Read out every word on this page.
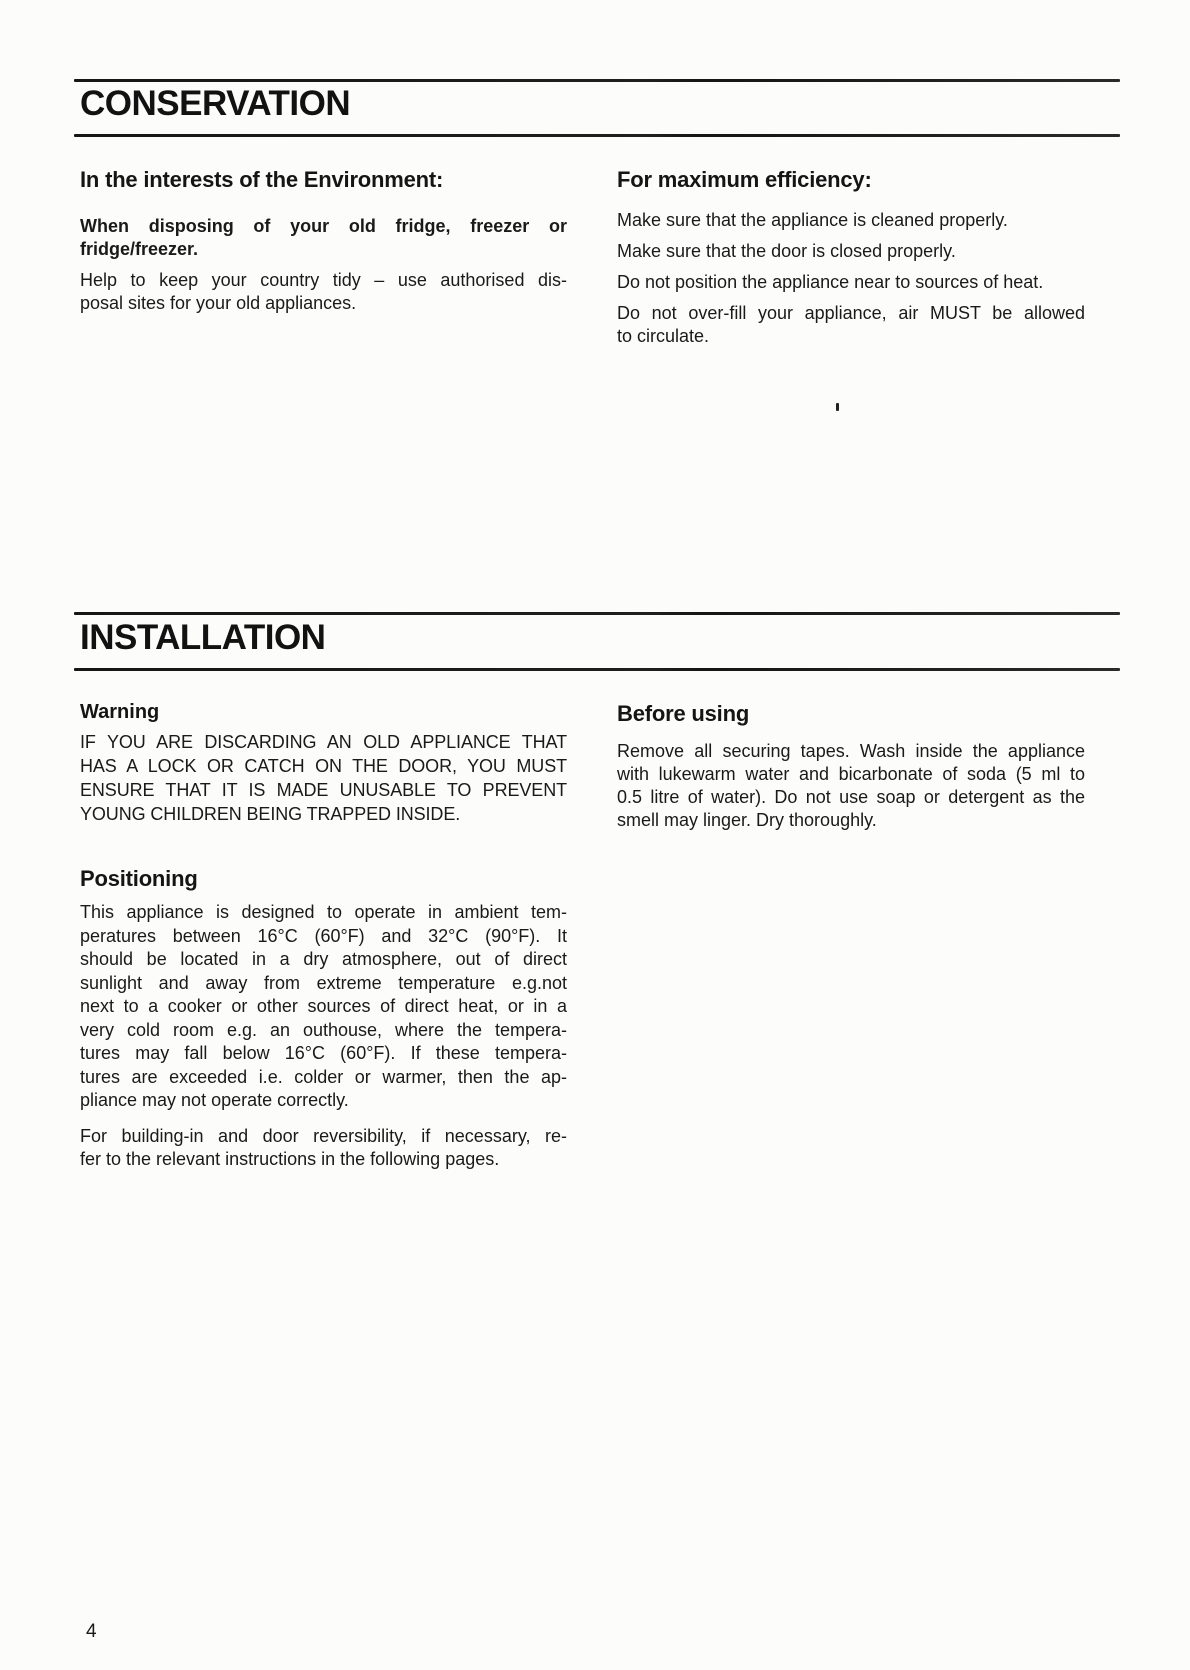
CONSERVATION
In the interests of the Environment:
When disposing of your old fridge, freezer or
fridge/freezer.
Help to keep your country tidy – use authorised dis-
posal sites for your old appliances.
For maximum efficiency:
Make sure that the appliance is cleaned properly.
Make sure that the door is closed properly.
Do not position the appliance near to sources of heat.
Do not over-fill your appliance, air MUST be allowed
to circulate.
INSTALLATION
Warning
IF YOU ARE DISCARDING AN OLD APPLIANCE THAT
HAS A LOCK OR CATCH ON THE DOOR, YOU MUST
ENSURE THAT IT IS MADE UNUSABLE TO PREVENT
YOUNG CHILDREN BEING TRAPPED INSIDE.
Positioning
This appliance is designed to operate in ambient tem-
peratures between 16°C (60°F) and 32°C (90°F). It
should be located in a dry atmosphere, out of direct
sunlight and away from extreme temperature e.g.not
next to a cooker or other sources of direct heat, or in a
very cold room e.g. an outhouse, where the tempera-
tures may fall below 16°C (60°F). If these tempera-
tures are exceeded i.e. colder or warmer, then the ap-
pliance may not operate correctly.
For building-in and door reversibility, if necessary, re-
fer to the relevant instructions in the following pages.
Before using
Remove all securing tapes. Wash inside the appliance
with lukewarm water and bicarbonate of soda (5 ml to
0.5 litre of water). Do not use soap or detergent as the
smell may linger. Dry thoroughly.
4
